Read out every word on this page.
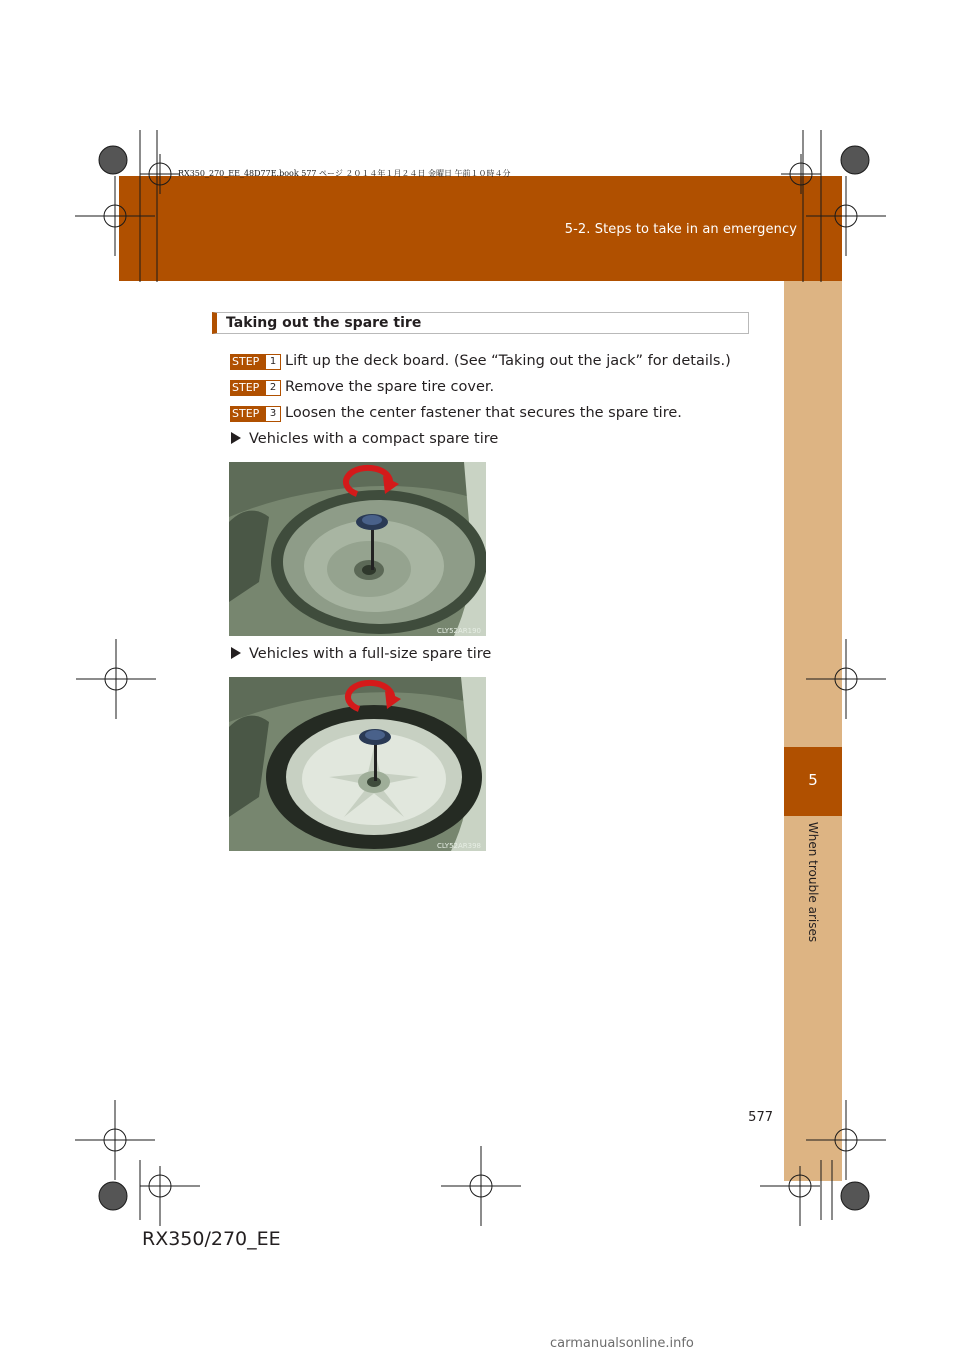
5-2. Steps to take in an emergency
RX350_270_EE_48D77E.book 577 ページ ２０１４年１月２４日 金曜日 午前１０時４分
5
When trouble arises
Taking out the spare tire
STEP	1 Lift up the deck board. (See “Taking out the jack” for details.)
STEP	2 Remove the spare tire cover.
STEP	3 Loosen the center fastener that secures the spare tire.
Vehicles with a compact spare tire
CLY52AR190
Vehicles with a full-size spare tire
CLY52AR398
577
RX350/270_EE
carmanualsonline.info
